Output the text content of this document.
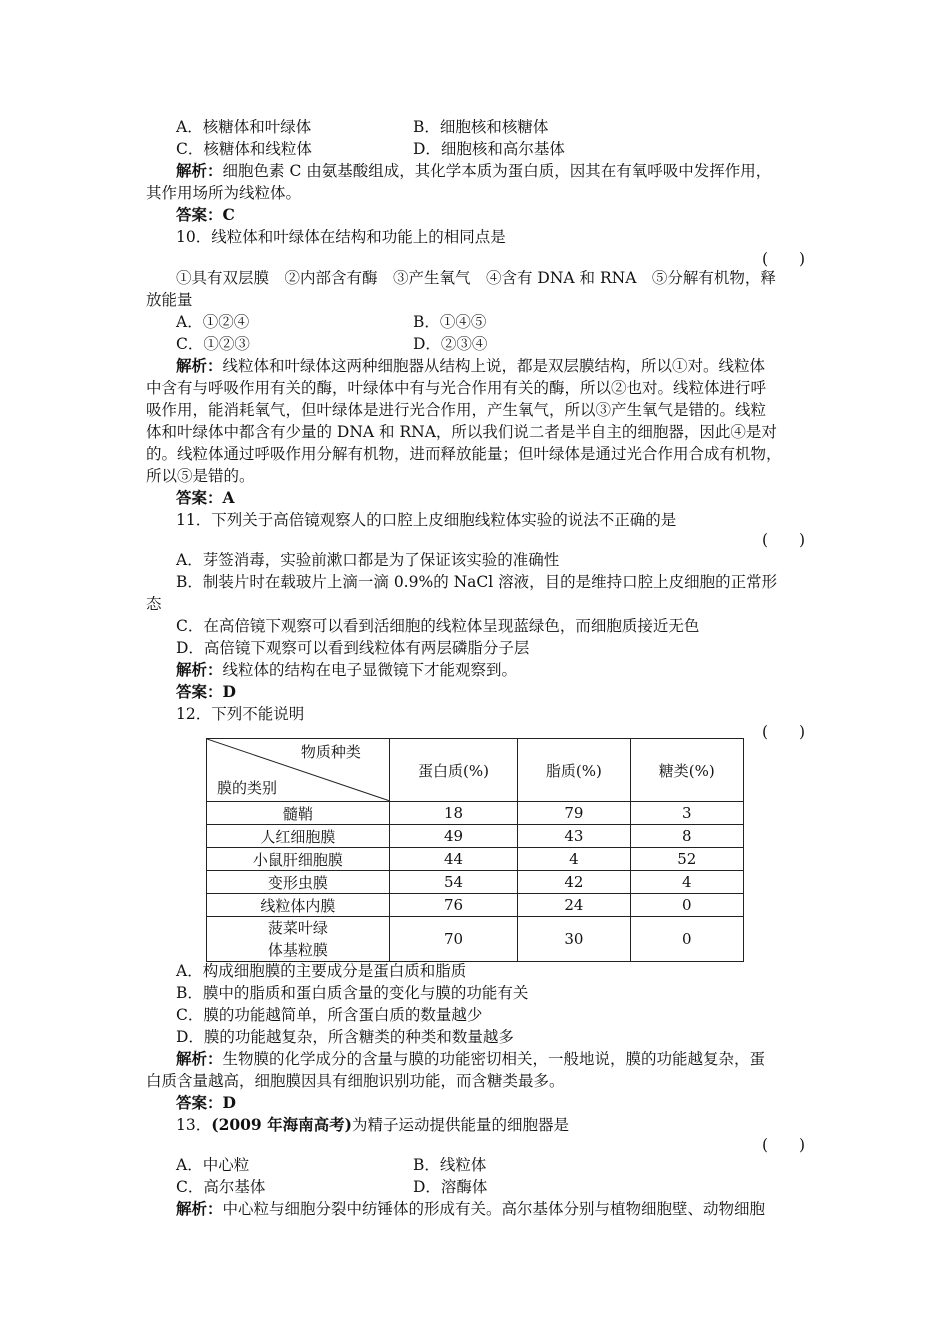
A．核糖体和叶绿体	B．细胞核和核糖体
C．核糖体和线粒体	D．细胞核和高尔基体
解析：细胞色素 C 由氨基酸组成，其化学本质为蛋白质，因其在有氧呼吸中发挥作用，
其作用场所为线粒体。
答案：C
10．线粒体和叶绿体在结构和功能上的相同点是
(　　)
①具有双层膜　②内部含有酶　③产生氧气　④含有 DNA 和 RNA　⑤分解有机物，释
放能量
A．①②④	B．①④⑤
C．①②③	D．②③④
解析：线粒体和叶绿体这两种细胞器从结构上说，都是双层膜结构，所以①对。线粒体
中含有与呼吸作用有关的酶，叶绿体中有与光合作用有关的酶，所以②也对。线粒体进行呼
吸作用，能消耗氧气，但叶绿体是进行光合作用，产生氧气，所以③产生氧气是错的。线粒
体和叶绿体中都含有少量的 DNA 和 RNA，所以我们说二者是半自主的细胞器，因此④是对
的。线粒体通过呼吸作用分解有机物，进而释放能量；但叶绿体是通过光合作用合成有机物，
所以⑤是错的。
答案：A
11．下列关于高倍镜观察人的口腔上皮细胞线粒体实验的说法不正确的是
(　　)
A．芽签消毒，实验前漱口都是为了保证该实验的准确性
B．制装片时在载玻片上滴一滴 0.9%的 NaCl 溶液，目的是维持口腔上皮细胞的正常形
态
C．在高倍镜下观察可以看到活细胞的线粒体呈现蓝绿色，而细胞质接近无色
D．高倍镜下观察可以看到线粒体有两层磷脂分子层
解析：线粒体的结构在电子显微镜下才能观察到。
答案：D
12．下列不能说明
(　　)
物质种类
膜的类别	蛋白质(%)	脂质(%)	糖类(%)
髓鞘	18	79	3
人红细胞膜	49	43	8
小鼠肝细胞膜	44	4	52
变形虫膜	54	42	4
线粒体内膜	76	24	0

菠菜叶绿
体基粒膜	70	30	0
A．构成细胞膜的主要成分是蛋白质和脂质
B．膜中的脂质和蛋白质含量的变化与膜的功能有关
C．膜的功能越简单，所含蛋白质的数量越少
D．膜的功能越复杂，所含糖类的种类和数量越多
解析：生物膜的化学成分的含量与膜的功能密切相关，一般地说，膜的功能越复杂，蛋
白质含量越高，细胞膜因具有细胞识别功能，而含糖类最多。
答案：D
13．(2009 年海南高考)为精子运动提供能量的细胞器是
(　　)
A．中心粒	B．线粒体
C．高尔基体	D．溶酶体
解析：中心粒与细胞分裂中纺锤体的形成有关。高尔基体分别与植物细胞壁、动物细胞
